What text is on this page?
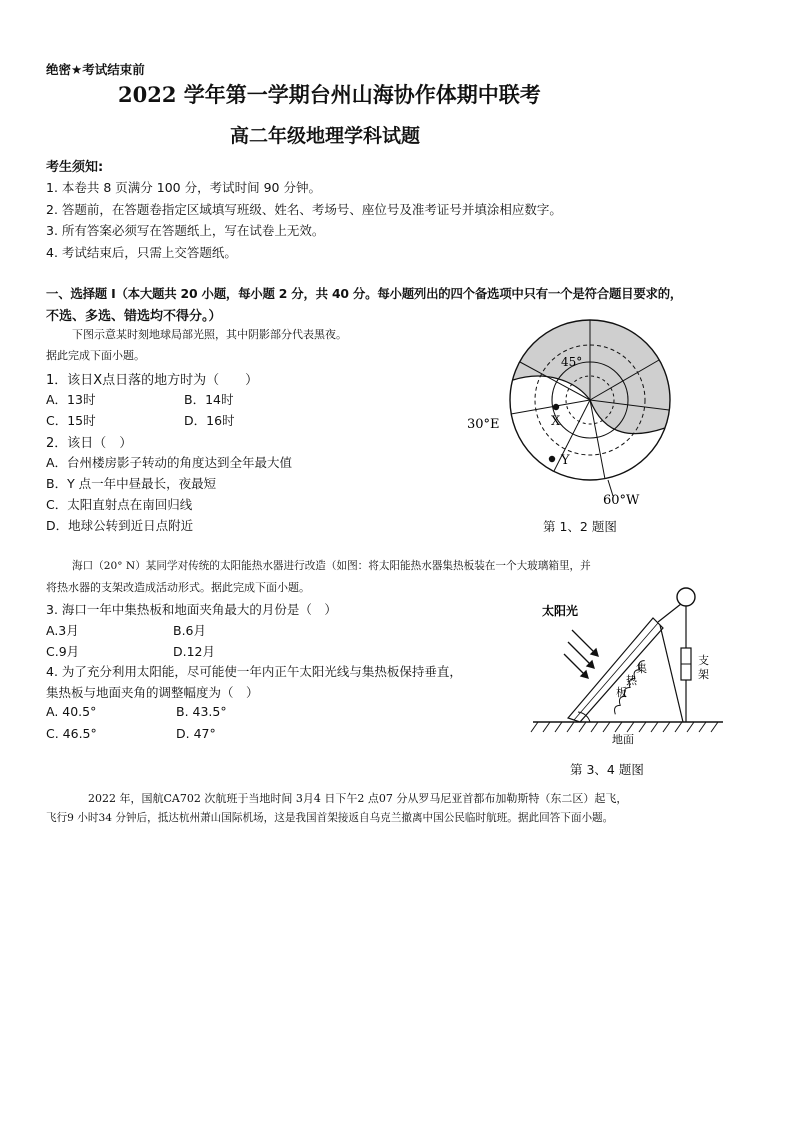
绝密★考试结束前
2022 学年第一学期台州山海协作体期中联考
高二年级地理学科试题
考生须知:
1. 本卷共 8 页满分 100 分，考试时间 90 分钟。
2. 答题前，在答题卷指定区域填写班级、姓名、考场号、座位号及准考证号并填涂相应数字。
3. 所有答案必须写在答题纸上，写在试卷上无效。
4. 考试结束后，只需上交答题纸。
一、选择题 I（本大题共 20 小题，每小题 2 分，共 40 分。每小题列出的四个备选项中只有一个是符合题目要求的，
不选、多选、错选均不得分。）
下图示意某时刻地球局部光照，其中阴影部分代表黑夜。
据此完成下面小题。
1．该日X点日落的地方时为（　　）
A．13时	B．14时
C．15时	D．16时
2．该日（　）
A．台州楼房影子转动的角度达到全年最大值
B．Y 点一年中昼最长，夜最短
C．太阳直射点在南回归线
D．地球公转到近日点附近
45°
30°E
60°W
X
Y
第 1、2 题图
海口（20° N）某同学对传统的太阳能热水器进行改造（如图：将太阳能热水器集热板装在一个大玻璃箱里，并
将热水器的支架改造成活动形式。据此完成下面小题。
3. 海口一年中集热板和地面夹角最大的月份是（　）
A.3月	B.6月
C.9月	D.12月
4. 为了充分利用太阳能，尽可能使一年内正午太阳光线与集热板保持垂直，
集热板与地面夹角的调整幅度为（　）
A. 40.5°	B. 43.5°
C. 46.5°	D. 47°
太阳光
集
热
板
支
架
地面
第 3、4 题图
2022 年，国航CA702 次航班于当地时间 3月4 日下午2 点07 分从罗马尼亚首都布加勒斯特（东二区）起飞，
飞行9 小时34 分钟后，抵达杭州萧山国际机场，这是我国首架接返自乌克兰撤离中国公民临时航班。据此回答下面小题。
